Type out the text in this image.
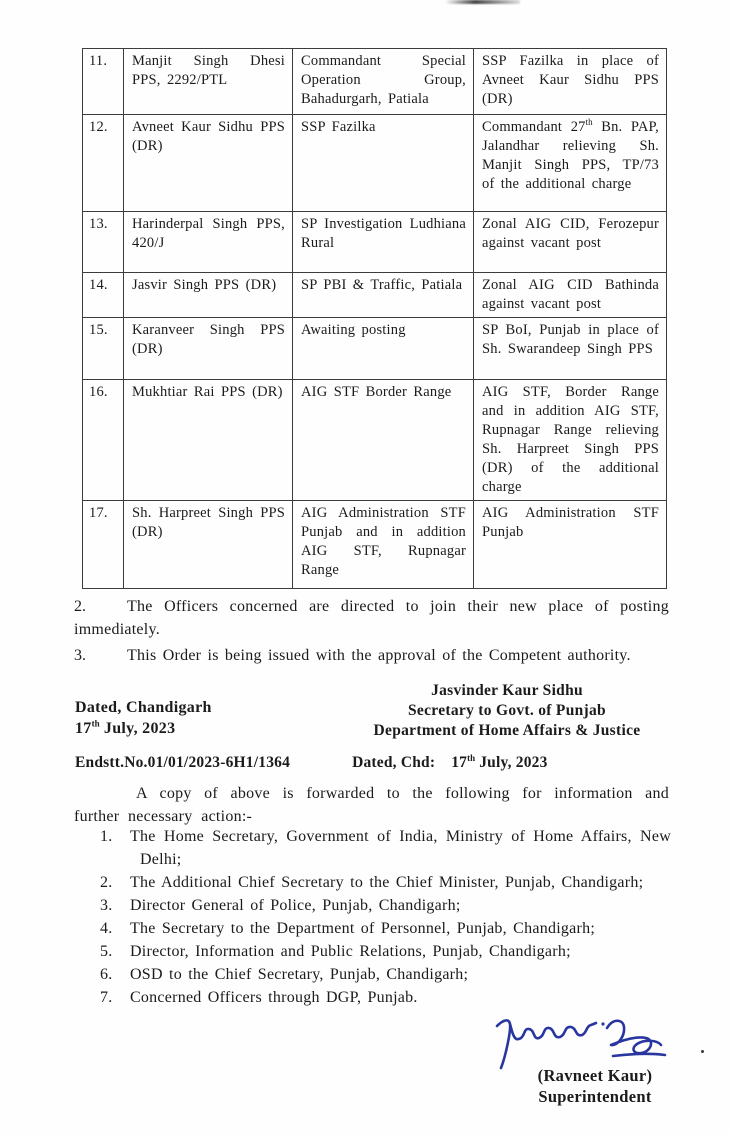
11.	Manjit Singh Dhesi PPS, 2292/PTL	Commandant Special Operation Group, Bahadurgarh, Patiala	SSP Fazilka in place of Avneet Kaur Sidhu PPS (DR)
12.	Avneet Kaur Sidhu PPS (DR)	SSP Fazilka	Commandant 27th Bn. PAP, Jalandhar relieving Sh. Manjit Singh PPS, TP/73 of the additional charge
13.	Harinderpal Singh PPS, 420/J	SP Investigation Ludhiana Rural	Zonal AIG CID, Ferozepur against vacant post
14.	Jasvir Singh PPS (DR)	SP PBI & Traffic, Patiala	Zonal AIG CID Bathinda against vacant post
15.	Karanveer Singh PPS (DR)	Awaiting posting	SP BoI, Punjab in place of Sh. Swarandeep Singh PPS
16.	Mukhtiar Rai PPS (DR)	AIG STF Border Range	AIG STF, Border Range and in addition AIG STF, Rupnagar Range relieving Sh. Harpreet Singh PPS (DR) of the additional charge
17.	Sh. Harpreet Singh PPS (DR)	AIG Administration STF Punjab and in addition AIG STF, Rupnagar Range	AIG Administration STF Punjab
2.	The Officers concerned are directed to join their new place of posting immediately.
3.	This Order is being issued with the approval of the Competent authority.
Jasvinder Kaur Sidhu
Secretary to Govt. of Punjab
Department of Home Affairs & Justice
Dated, Chandigarh
17th July, 2023
Endstt.No.01/01/2023-6H1/1364	Dated, Chd: 17th July, 2023
A copy of above is forwarded to the following for information and further necessary action:-
1. The Home Secretary, Government of India, Ministry of Home Affairs, New Delhi;
2. The Additional Chief Secretary to the Chief Minister, Punjab, Chandigarh;
3. Director General of Police, Punjab, Chandigarh;
4. The Secretary to the Department of Personnel, Punjab, Chandigarh;
5. Director, Information and Public Relations, Punjab, Chandigarh;
6. OSD to the Chief Secretary, Punjab, Chandigarh;
7. Concerned Officers through DGP, Punjab.
(Ravneet Kaur)
Superintendent
